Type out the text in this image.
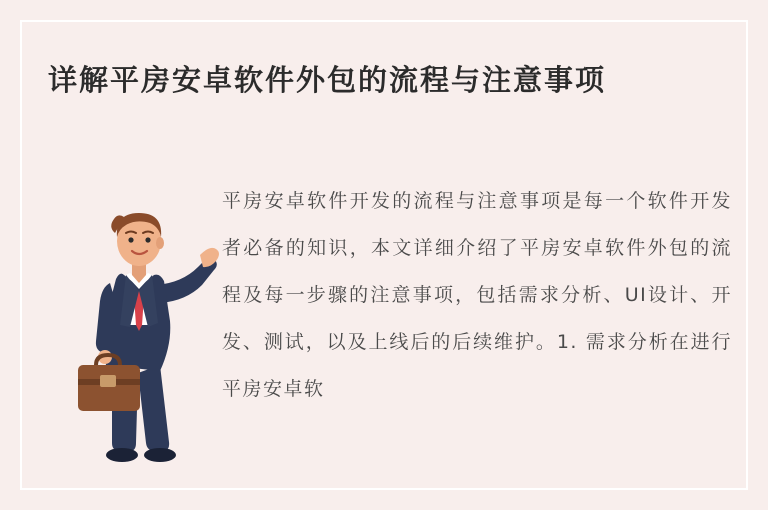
详解平房安卓软件外包的流程与注意事项
平房安卓软件开发的流程与注意事项是每一个软件开发者必备的知识，本文详细介绍了平房安卓软件外包的流程及每一步骤的注意事项，包括需求分析、UI设计、开发、测试，以及上线后的后续维护。1. 需求分析在进行平房安卓软
